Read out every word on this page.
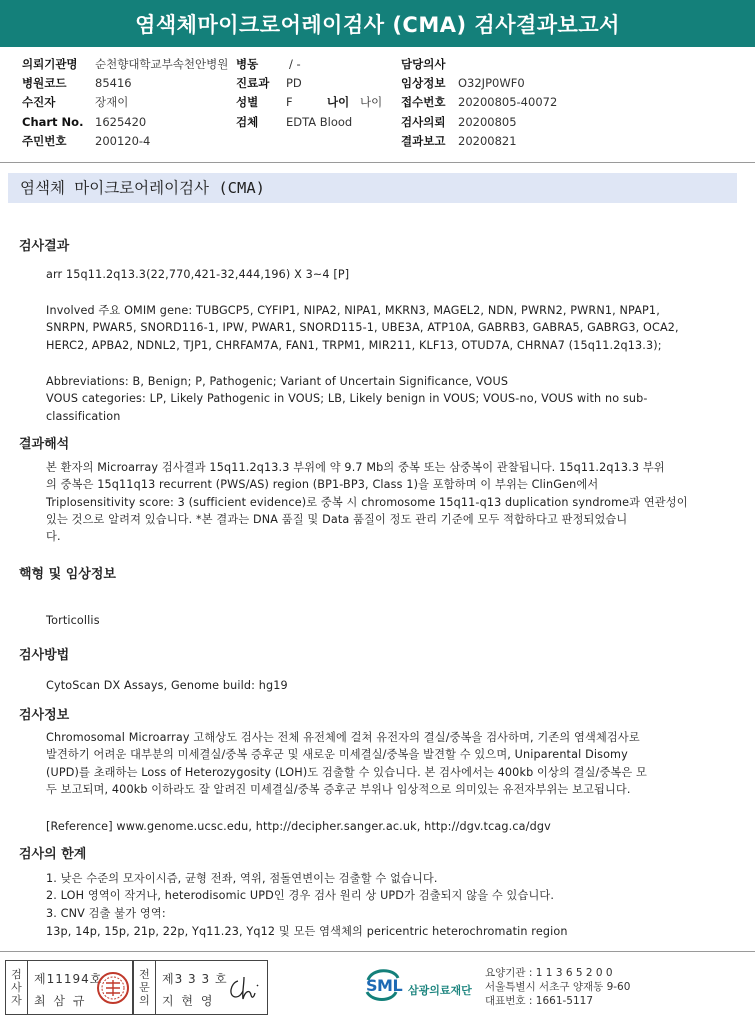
염색체마이크로어레이검사 (CMA) 검사결과보고서
의뢰기관명 순천향대학교부속천안병원 병동	/ -	담당의사
병원코드 85416	진료과 PD	임상정보 O32JP0WF0
수진자	장재이	성별 F	나이 나이 접수번호 20200805-40072
Chart No. 1625420	검체 EDTA Blood	검사의뢰 20200805
주민번호 200120-4	결과보고 20200821
염색체 마이크로어레이검사 (CMA)
검사결과
arr 15q11.2q13.3(22,770,421-32,444,196) X 3~4 [P]
Involved 주요 OMIM gene: TUBGCP5, CYFIP1, NIPA2, NIPA1, MKRN3, MAGEL2, NDN, PWRN2, PWRN1, NPAP1,
SNRPN, PWAR5, SNORD116-1, IPW, PWAR1, SNORD115-1, UBE3A, ATP10A, GABRB3, GABRA5, GABRG3, OCA2,
HERC2, APBA2, NDNL2, TJP1, CHRFAM7A, FAN1, TRPM1, MIR211, KLF13, OTUD7A, CHRNA7 (15q11.2q13.3);
Abbreviations: B, Benign; P, Pathogenic; Variant of Uncertain Significance, VOUS
VOUS categories: LP, Likely Pathogenic in VOUS; LB, Likely benign in VOUS; VOUS-no, VOUS with no sub-
classification
결과해석
본 환자의 Microarray 검사결과 15q11.2q13.3 부위에 약 9.7 Mb의 중복 또는 삼중복이 관찰됩니다. 15q11.2q13.3 부위
의 중복은 15q11q13 recurrent (PWS/AS) region (BP1-BP3, Class 1)을 포함하며 이 부위는 ClinGen에서
Triplosensitivity score: 3 (sufficient evidence)로 중복 시 chromosome 15q11-q13 duplication syndrome과 연관성이
있는 것으로 알려져 있습니다. *본 결과는 DNA 품질 및 Data 품질이 정도 관리 기준에 모두 적합하다고 판정되었습니
다.
핵형 및 임상정보
Torticollis
검사방법
CytoScan DX Assays, Genome build: hg19
검사정보
Chromosomal Microarray 고해상도 검사는 전체 유전체에 걸쳐 유전자의 결실/중복을 검사하며, 기존의 염색체검사로
발견하기 어려운 대부분의 미세결실/중복 증후군 및 새로운 미세결실/중복을 발견할 수 있으며, Uniparental Disomy
(UPD)를 초래하는 Loss of Heterozygosity (LOH)도 검출할 수 있습니다. 본 검사에서는 400kb 이상의 결실/중복은 모
두 보고되며, 400kb 이하라도 잘 알려진 미세결실/중복 증후군 부위나 임상적으로 의미있는 유전자부위는 보고됩니다.
[Reference] www.genome.ucsc.edu, http://decipher.sanger.ac.uk, http://dgv.tcag.ca/dgv
검사의 한계
1. 낮은 수준의 모자이시즘, 균형 전좌, 역위, 점돌연변이는 검출할 수 없습니다.
2. LOH 영역이 작거나, heterodisomic UPD인 경우 검사 원리 상 UPD가 검출되지 않을 수 있습니다.
3. CNV 검출 불가 영역:
13p, 14p, 15p, 21p, 22p, Yq11.23, Yq12 및 모든 염색체의 pericentric heterochromatin region
검
사
자
제11194호
최 삼 규
전
문
의
제3 3 3 호
지 현 영
SML 삼광의료재단
요양기관 : 1 1 3 6 5 2 0 0
서울특별시 서초구 양재동 9-60
대표번호 : 1661-5117
